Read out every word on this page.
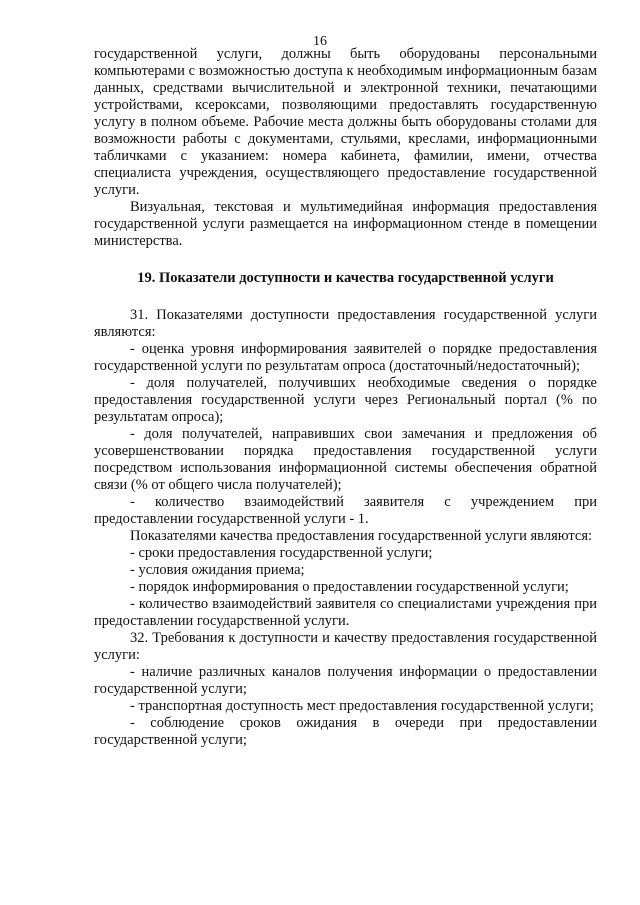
16

государственной услуги, должны быть оборудованы персональными компьютерами с возможностью доступа к необходимым информационным базам данных, средствами вычислительной и электронной техники, печатающими устройствами, ксероксами, позволяющими предоставлять государственную услугу в полном объеме. Рабочие места должны быть оборудованы столами для возможности работы с документами, стульями, креслами, информационными табличками с указанием: номера кабинета, фамилии, имени, отчества специалиста учреждения, осуществляющего предоставление государственной услуги.

Визуальная, текстовая и мультимедийная информация предоставления государственной услуги размещается на информационном стенде в помещении министерства.

19. Показатели доступности и качества государственной услуги

31. Показателями доступности предоставления государственной услуги являются:

- оценка уровня информирования заявителей о порядке предоставления государственной услуги по результатам опроса (достаточный/недостаточный);

- доля получателей, получивших необходимые сведения о порядке предоставления государственной услуги через Региональный портал (% по результатам опроса);

- доля получателей, направивших свои замечания и предложения об усовершенствовании порядка предоставления государственной услуги посредством использования информационной системы обеспечения обратной связи (% от общего числа получателей);

- количество взаимодействий заявителя с учреждением при предоставлении государственной услуги - 1.

Показателями качества предоставления государственной услуги являются:

- сроки предоставления государственной услуги;

- условия ожидания приема;

- порядок информирования о предоставлении государственной услуги;

- количество взаимодействий заявителя со специалистами учреждения при предоставлении государственной услуги.

32. Требования к доступности и качеству предоставления государственной услуги:

- наличие различных каналов получения информации о предоставлении государственной услуги;

- транспортная доступность мест предоставления государственной услуги;

- соблюдение сроков ожидания в очереди при предоставлении государственной услуги;
